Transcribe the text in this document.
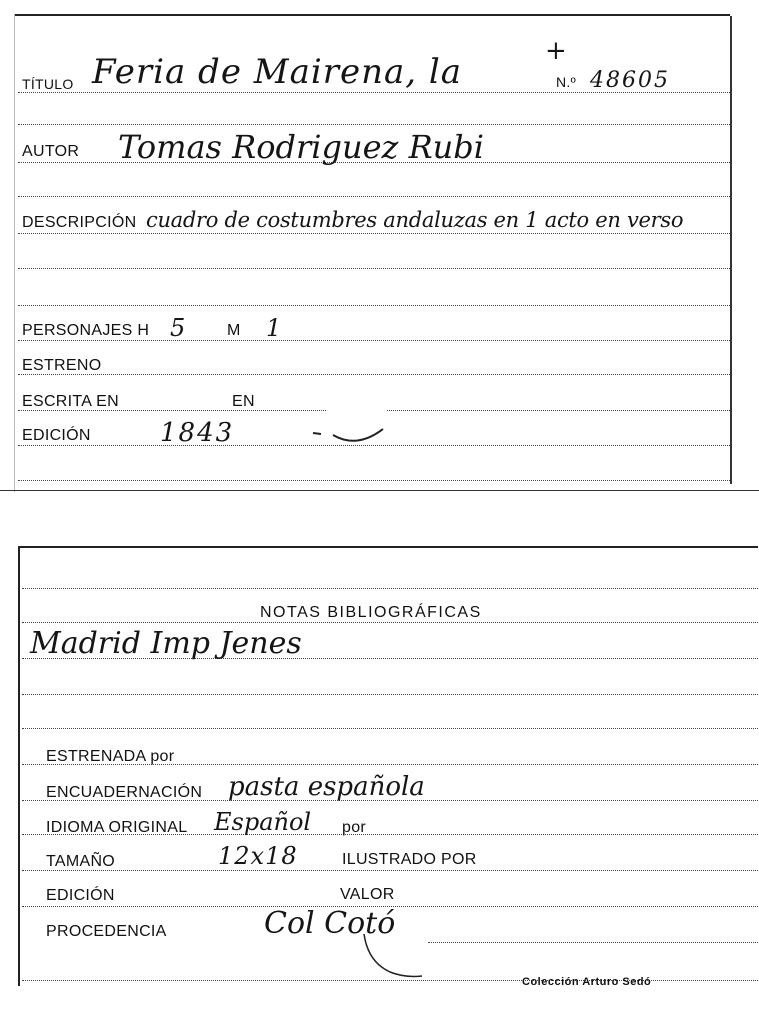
TÍTULO Feria de Mairena, la
+
N.º 48605
AUTOR Tomas Rodriguez Rubi
DESCRIPCIÓN cuadro de costumbres andaluzas en 1 acto en verso
PERSONAJES H 5	M 1
ESTRENO
ESCRITA EN	EN
EDICIÓN	1843
NOTAS BIBLIOGRÁFICAS
Madrid Imp Jenes
ESTRENADA por
ENCUADERNACIÓN pasta española
IDIOMA ORIGINAL Español por
TAMAÑO	12x18	ILUSTRADO POR
EDICIÓN	VALOR
PROCEDENCIA	Col Cotó
Colección Arturo Sedó
